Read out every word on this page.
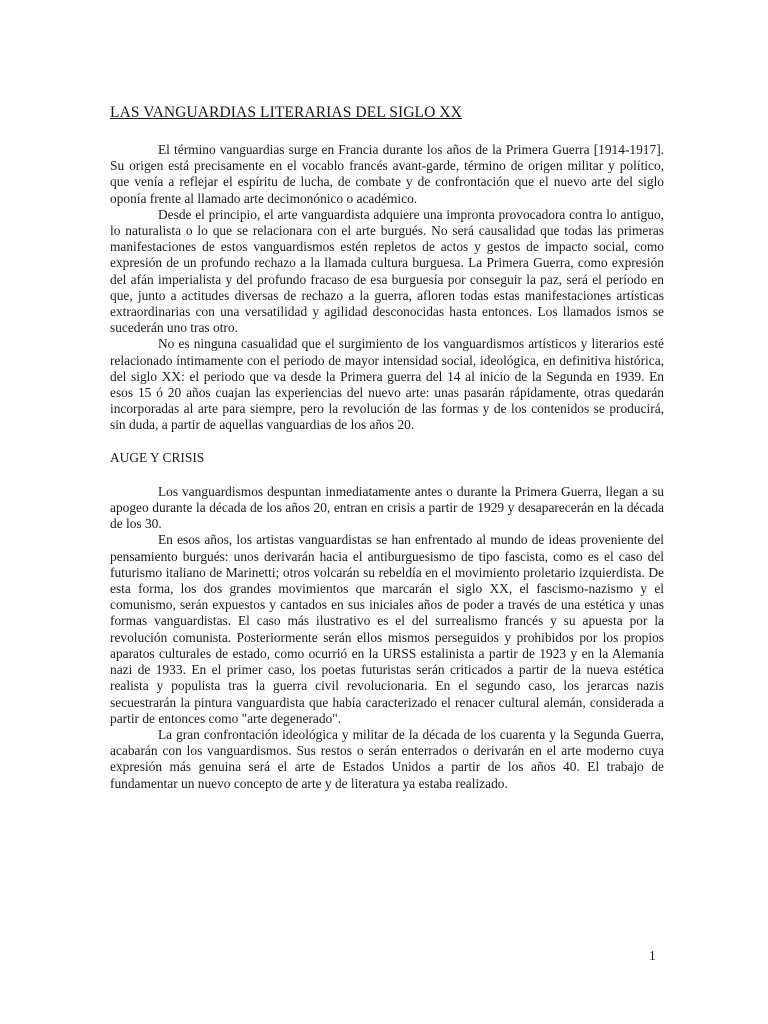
LAS VANGUARDIAS LITERARIAS DEL SIGLO XX

El término vanguardias surge en Francia durante los años de la Primera Guerra [1914-1917]. Su origen está precisamente en el vocablo francés avant-garde, término de origen militar y político, que venía a reflejar el espíritu de lucha, de combate y de confrontación que el nuevo arte del siglo oponía frente al llamado arte decimonónico o académico.

Desde el principio, el arte vanguardista adquiere una impronta provocadora contra lo antiguo, lo naturalista o lo que se relacionara con el arte burgués. No será causalidad que todas las primeras manifestaciones de estos vanguardismos estén repletos de actos y gestos de impacto social, como expresión de un profundo rechazo a la llamada cultura burguesa. La Primera Guerra, como expresión del afán imperialista y del profundo fracaso de esa burguesía por conseguir la paz, será el período en que, junto a actitudes diversas de rechazo a la guerra, afloren todas estas manifestaciones artísticas extraordinarias con una versatilidad y agilidad desconocidas hasta entonces. Los llamados ismos se sucederán uno tras otro.

No es ninguna casualidad que el surgimiento de los vanguardismos artísticos y literarios esté relacionado íntimamente con el periodo de mayor intensidad social, ideológica, en definitiva histórica, del siglo XX: el periodo que va desde la Primera guerra del 14 al inicio de la Segunda en 1939. En esos 15 ó 20 años cuajan las experiencias del nuevo arte: unas pasarán rápidamente, otras quedarán incorporadas al arte para siempre, pero la revolución de las formas y de los contenidos se producirá, sin duda, a partir de aquellas vanguardias de los años 20.

AUGE Y CRISIS

Los vanguardismos despuntan inmediatamente antes o durante la Primera Guerra, llegan a su apogeo durante la década de los años 20, entran en crisis a partir de 1929 y desaparecerán en la década de los 30.

En esos años, los artistas vanguardistas se han enfrentado al mundo de ideas proveniente del pensamiento burgués: unos derivarán hacia el antiburguesismo de tipo fascista, como es el caso del futurismo italiano de Marinetti; otros volcarán su rebeldía en el movimiento proletario izquierdista. De esta forma, los dos grandes movimientos que marcarán el siglo XX, el fascismo-nazismo y el comunismo, serán expuestos y cantados en sus iniciales años de poder a través de una estética y unas formas vanguardistas. El caso más ilustrativo es el del surrealismo francés y su apuesta por la revolución comunista. Posteriormente serán ellos mismos perseguidos y prohibidos por los propios aparatos culturales de estado, como ocurrió en la URSS estalinista a partir de 1923 y en la Alemania nazi de 1933. En el primer caso, los poetas futuristas serán criticados a partir de la nueva estética realista y populista tras la guerra civil revolucionaria. En el segundo caso, los jerarcas nazis secuestrarán la pintura vanguardista que había caracterizado el renacer cultural alemán, considerada a partir de entonces como "arte degenerado".

La gran confrontación ideológica y militar de la década de los cuarenta y la Segunda Guerra, acabarán con los vanguardismos. Sus restos o serán enterrados o derivarán en el arte moderno cuya expresión más genuina será el arte de Estados Unidos a partir de los años 40. El trabajo de fundamentar un nuevo concepto de arte y de literatura ya estaba realizado.

1
